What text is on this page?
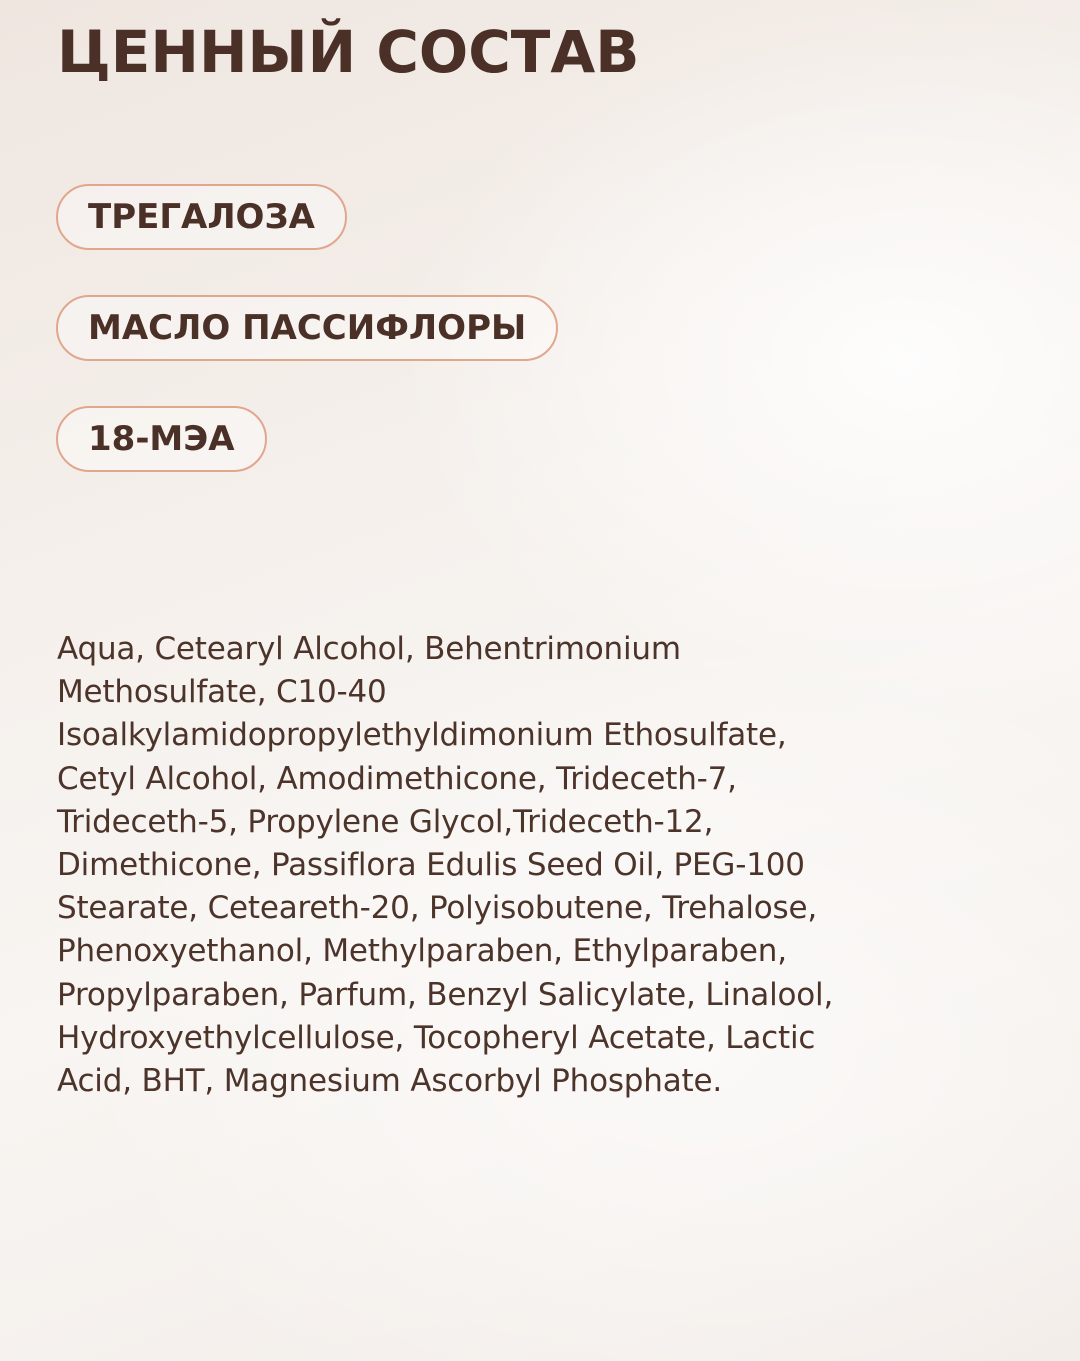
ЦЕННЫЙ СОСТАВ
ТРЕГАЛОЗА
МАСЛО ПАССИФЛОРЫ
18-МЭА

Aqua, Cetearyl Alcohol, Behentrimonium
Methosulfate, C10-40
Isoalkylamidopropylethyldimonium Ethosulfate,
Cetyl Alcohol, Amodimethicone, Trideceth-7,
Trideceth-5, Propylene Glycol,Trideceth-12,
Dimethicone, Passiflora Edulis Seed Oil, PEG-100
Stearate, Ceteareth-20, Polyisobutene, Trehalose,
Phenoxyethanol, Methylparaben, Ethylparaben,
Propylparaben, Parfum, Benzyl Salicylate, Linalool,
Hydroxyethylcellulose, Tocopheryl Acetate, Lactic
Acid, BHT, Magnesium Ascorbyl Phosphate.
